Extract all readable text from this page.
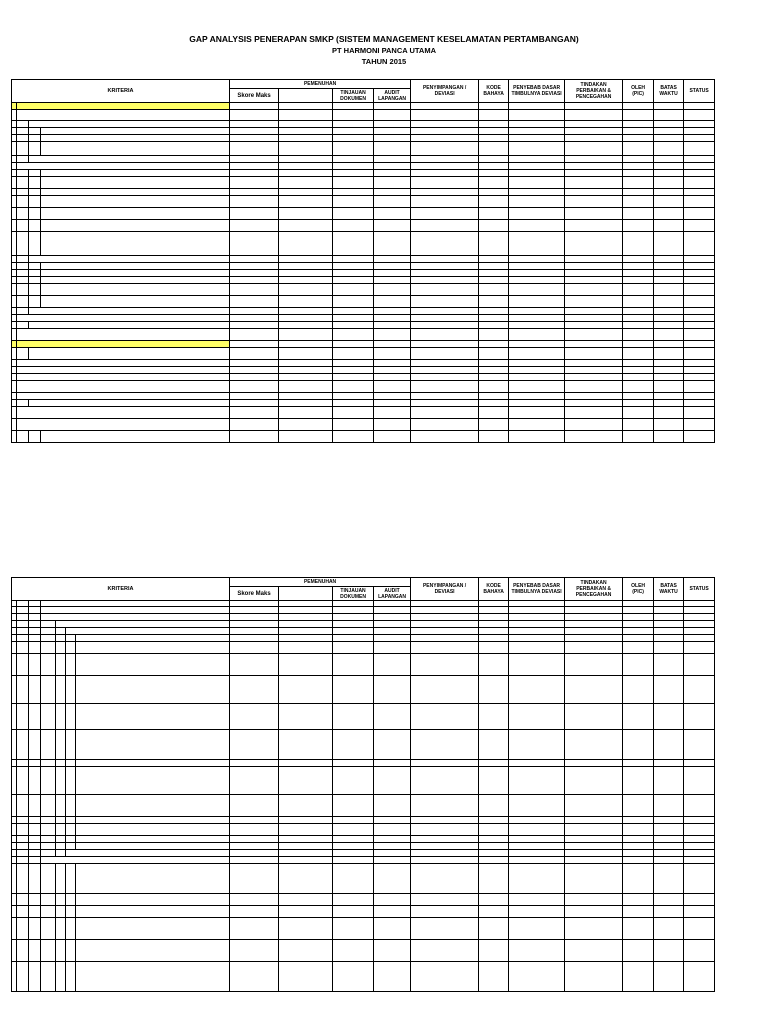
GAP ANALYSIS PENERAPAN SMKP (SISTEM MANAGEMENT KESELAMATAN PERTAMBANGAN)
PT HARMONI PANCA UTAMA
TAHUN 2015
KRITERIA				PEMENUHAN				PENYIMPANGAN / DEVIASI	KODE BAHAYA	PENYEBAB DASAR TIMBULNYA DEVIASI	TINDAKAN PERBAIKAN & PENCEGAHAN	OLEH (PIC)	BATAS WAKTU	STATUS
				Skore Maks		TINJAUAN DOKUMEN	AUDIT LAPANGAN							

KRITERIA							PEMENUHAN				PENYIMPANGAN / DEVIASI	KODE BAHAYA	PENYEBAB DASAR TIMBULNYA DEVIASI	TINDAKAN PERBAIKAN & PENCEGAHAN	OLEH (PIC)	BATAS WAKTU	STATUS
							Skore Maks		TINJAUAN DOKUMEN	AUDIT LAPANGAN							
